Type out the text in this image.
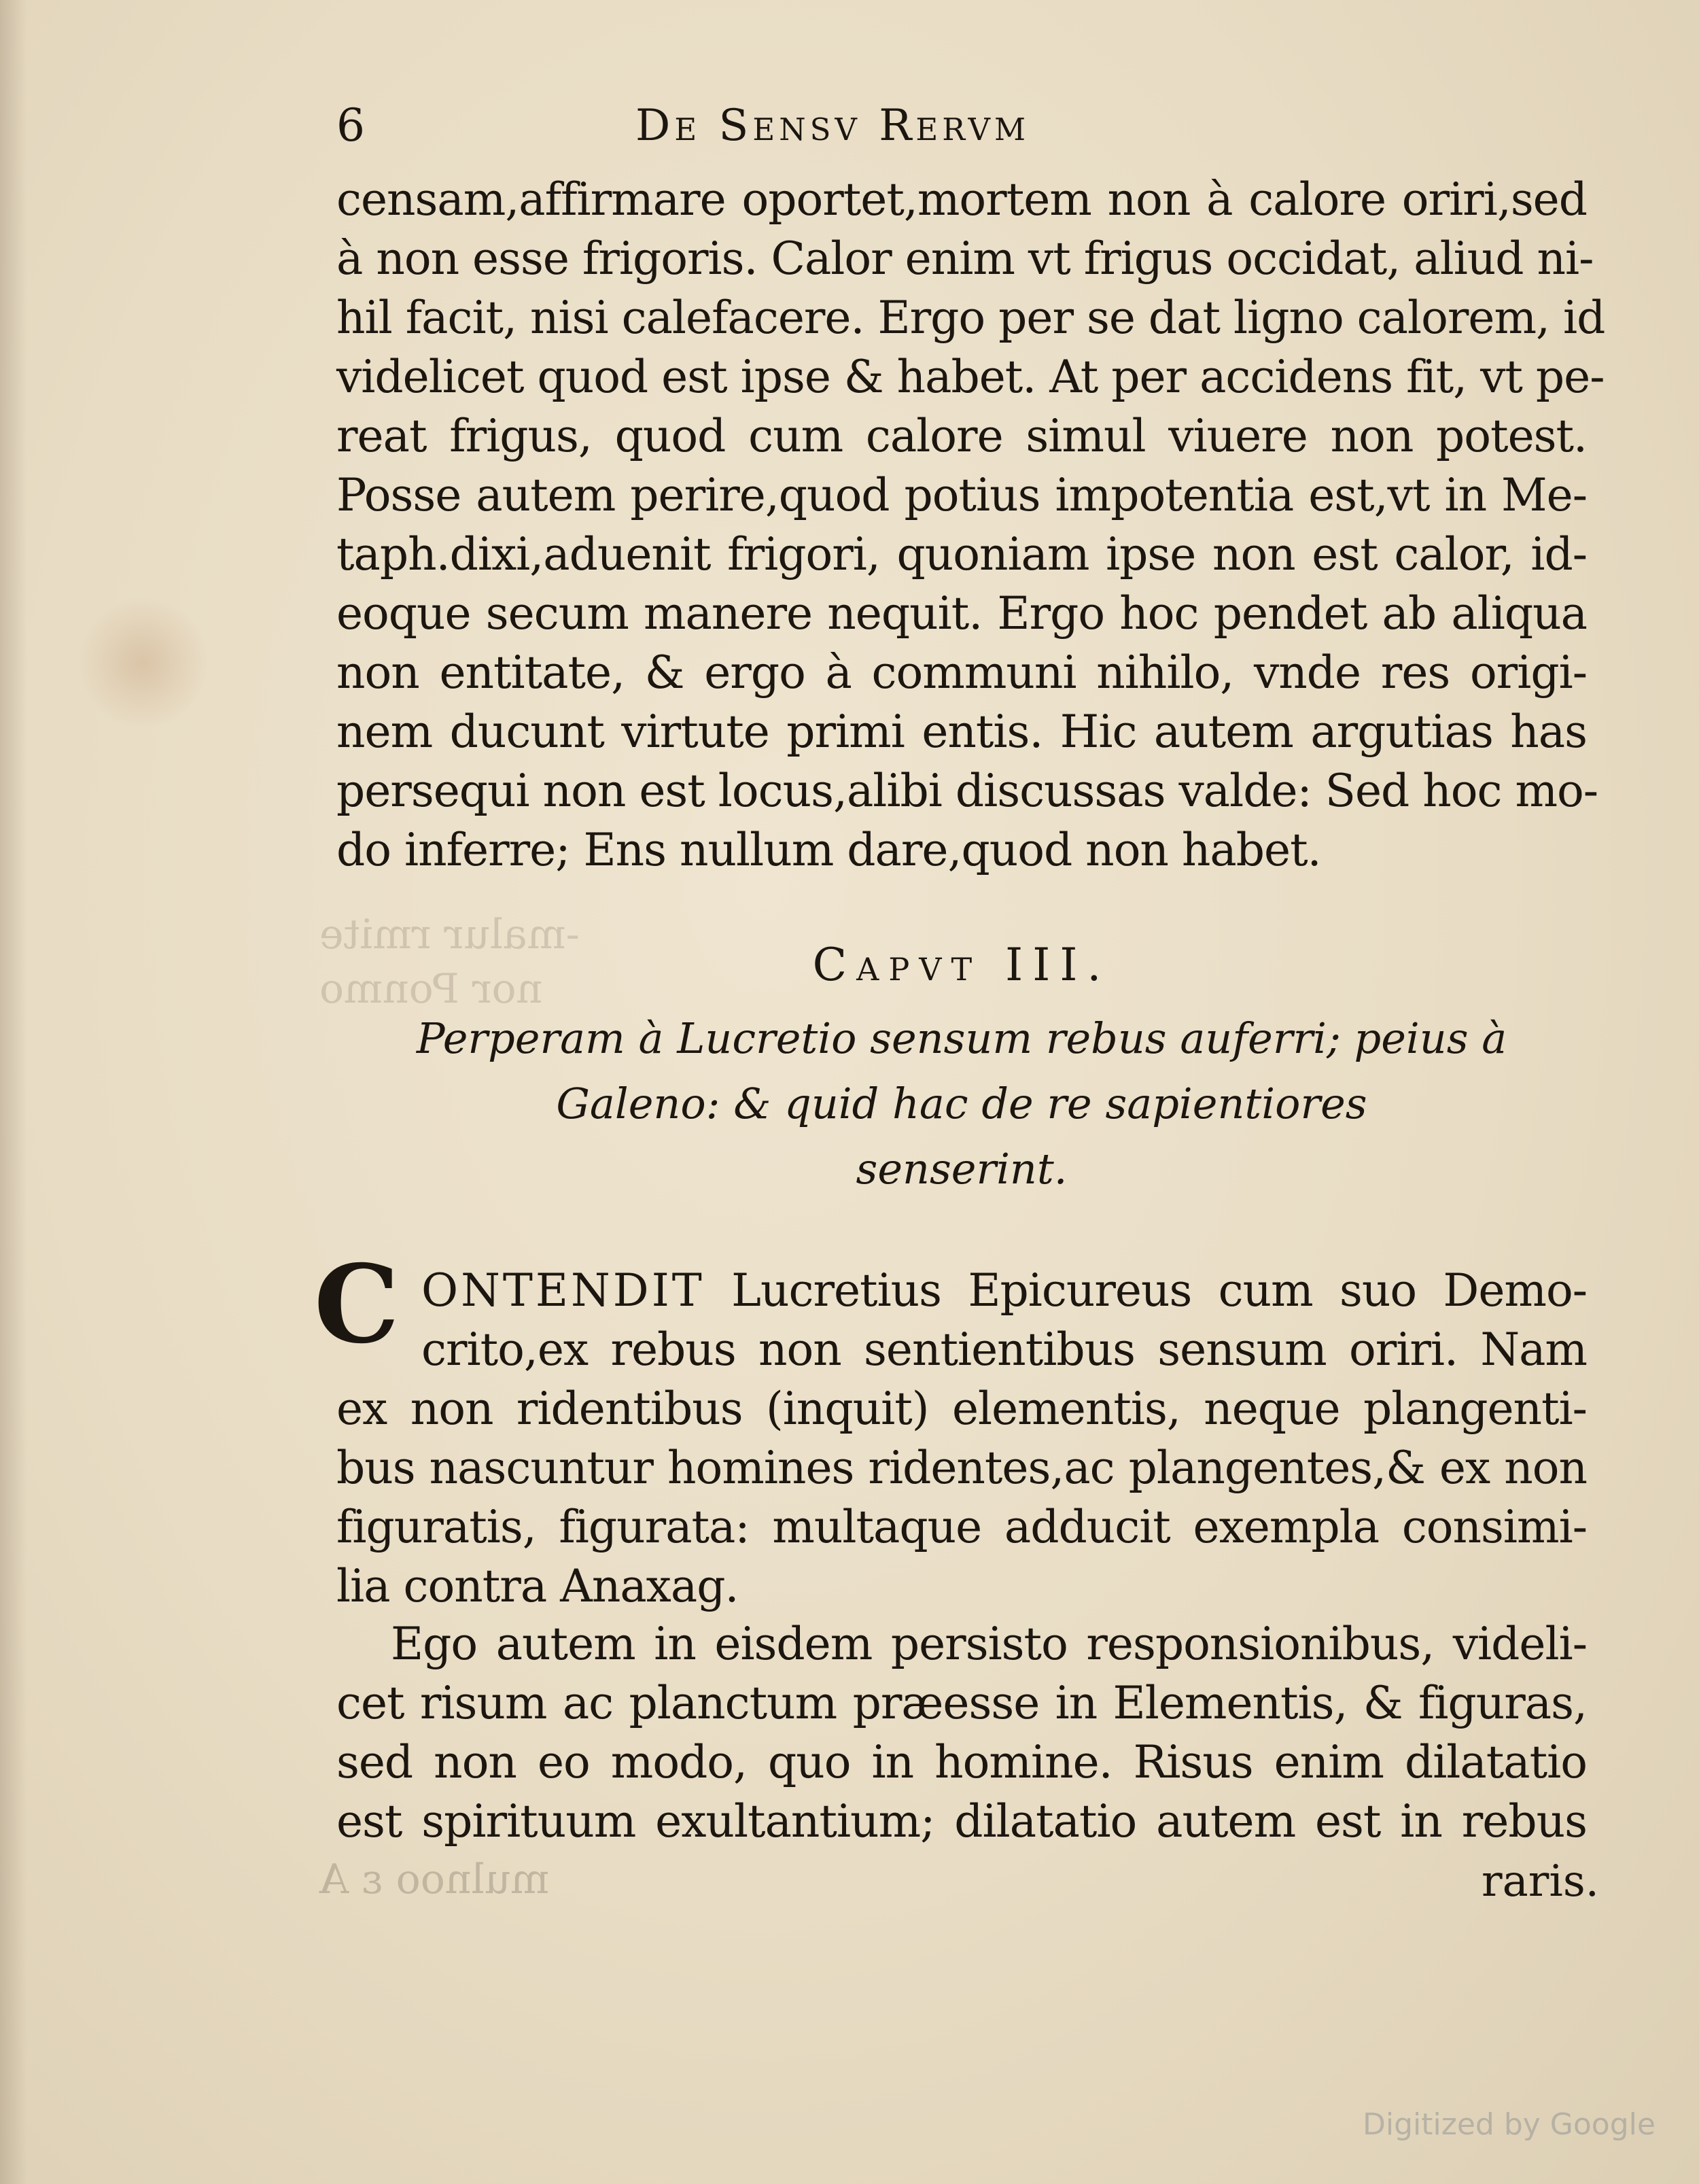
-malur rmite
nor Ponmo
6	De Sensv Rervm
censam,affirmare oportet,mortem non à calore oriri,sed
à non esse frigoris. Calor enim vt frigus occidat, aliud ni-
hil facit, nisi calefacere. Ergo per se dat ligno calorem, id
videlicet quod est ipse & habet. At per accidens fit, vt pe-
reat frigus, quod cum calore simul viuere non potest.
Posse autem perire,quod potius impotentia est,vt in Me-
taph.dixi,aduenit frigori, quoniam ipse non est calor, id-
eoque secum manere nequit. Ergo hoc pendet ab aliqua
non entitate, & ergo à communi nihilo, vnde res origi-
nem ducunt virtute primi entis. Hic autem argutias has
persequi non est locus,alibi discussas valde: Sed hoc mo-
do inferre; Ens nullum dare,quod non habet.
Capvt III.
Perperam à Lucretio sensum rebus auferri; peius à
Galeno: & quid hac de re sapientiores
senserint.
C ONTENDIT Lucretius Epicureus cum suo Demo-
crito,ex rebus non sentientibus sensum oriri. Nam
ex non ridentibus (inquit) elementis, neque plangenti-
bus nascuntur homines ridentes,ac plangentes,& ex non
figuratis, figurata: multaque adducit exempla consimi-
lia contra Anaxag.
Ego autem in eisdem persisto responsionibus, videli-
cet risum ac planctum præesse in Elementis, & figuras,
sed non eo modo, quo in homine. Risus enim dilatatio
est spirituum exultantium; dilatatio autem est in rebus
raris.
mulnoo ε A
Digitized by Google
